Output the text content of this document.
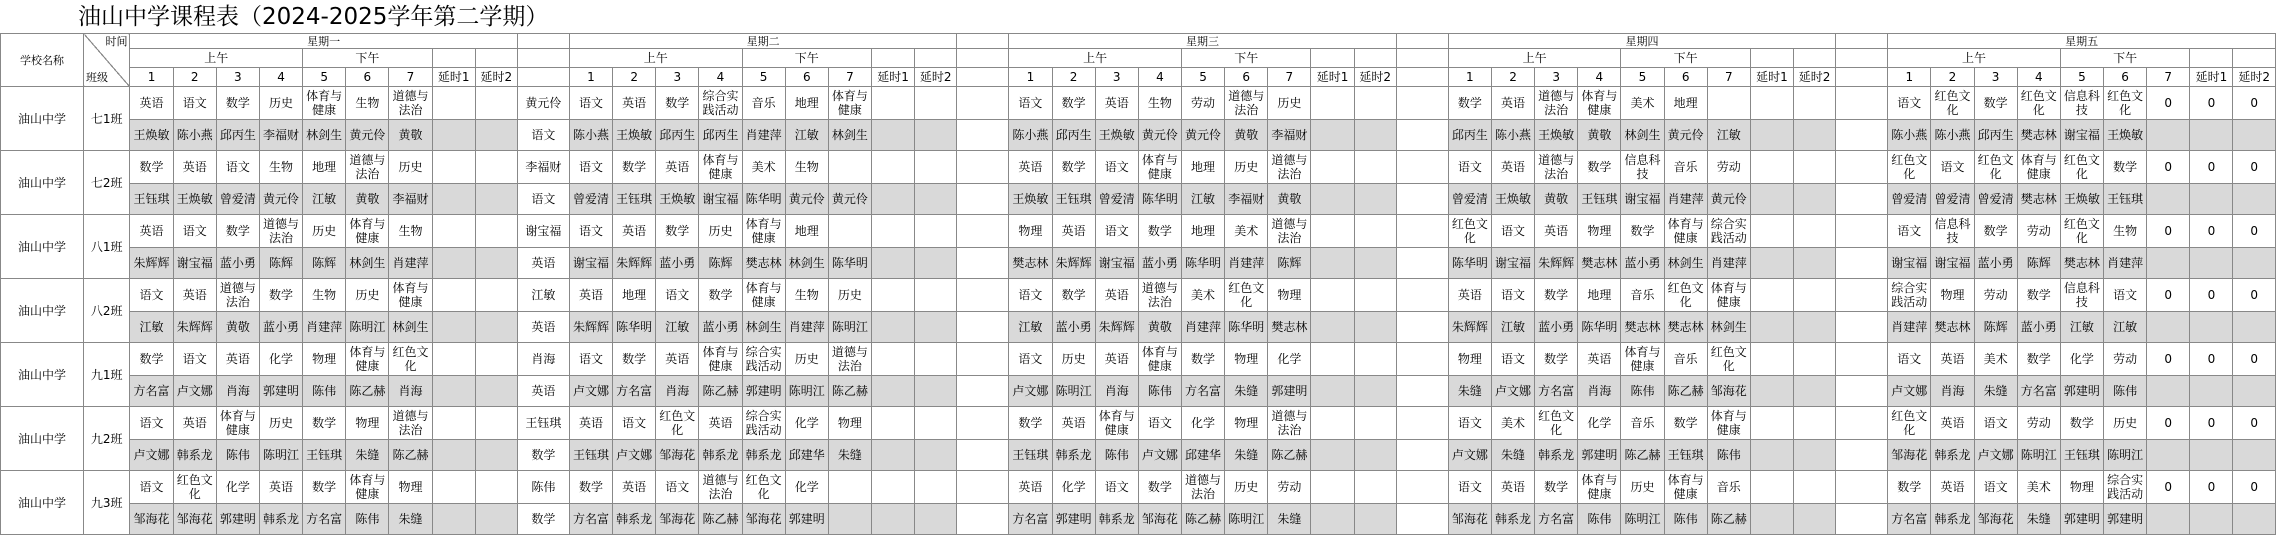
油山中学课程表（2024-2025学年第二学期）
学校名称	时间
班级	星期一										星期二										星期三										星期四										星期五								
		上午				下午						上午				下午						上午				下午						上午				下午						上午				下午				
		1	2	3	4	5	6	7	延时1	延时2		1	2	3	4	5	6	7	延时1	延时2		1	2	3	4	5	6	7	延时1	延时2		1	2	3	4	5	6	7	延时1	延时2		1	2	3	4	5	6	7	延时1	延时2
油山中学	七1班	英语	语文	数学	历史	体育与健康	生物	道德与法治			黄元伶	语文	英语	数学	综合实践活动	音乐	地理	体育与健康				语文	数学	英语	生物	劳动	道德与法治	历史				数学	英语	道德与法治	体育与健康	美术	地理					语文	红色文化	数学	红色文化	信息科技	红色文化	0	0	0
		王焕敏	陈小燕	邱丙生	李福财	林剑生	黄元伶	黄敬			语文	陈小燕	王焕敏	邱丙生	邱丙生	肖建萍	江敏	林剑生				陈小燕	邱丙生	王焕敏	黄元伶	黄元伶	黄敬	李福财				邱丙生	陈小燕	王焕敏	黄敬	林剑生	黄元伶	江敏				陈小燕	陈小燕	邱丙生	樊志林	谢宝福	王焕敏			
油山中学	七2班	数学	英语	语文	生物	地理	道德与法治	历史			李福财	语文	数学	英语	体育与健康	美术	生物					英语	数学	语文	体育与健康	地理	历史	道德与法治				语文	英语	道德与法治	数学	信息科技	音乐	劳动				红色文化	语文	红色文化	体育与健康	红色文化	数学	0	0	0
		王钰琪	王焕敏	曾爱清	黄元伶	江敏	黄敬	李福财			语文	曾爱清	王钰琪	王焕敏	谢宝福	陈华明	黄元伶	黄元伶				王焕敏	王钰琪	曾爱清	陈华明	江敏	李福财	黄敬				曾爱清	王焕敏	黄敬	王钰琪	谢宝福	肖建萍	黄元伶				曾爱清	曾爱清	曾爱清	樊志林	王焕敏	王钰琪			
油山中学	八1班	英语	语文	数学	道德与法治	历史	体育与健康	生物			谢宝福	语文	英语	数学	历史	体育与健康	地理					物理	英语	语文	数学	地理	美术	道德与法治				红色文化	语文	英语	物理	数学	体育与健康	综合实践活动				语文	信息科技	数学	劳动	红色文化	生物	0	0	0
		朱辉辉	谢宝福	蓝小勇	陈辉	陈辉	林剑生	肖建萍			英语	谢宝福	朱辉辉	蓝小勇	陈辉	樊志林	林剑生	陈华明				樊志林	朱辉辉	谢宝福	蓝小勇	陈华明	肖建萍	陈辉				陈华明	谢宝福	朱辉辉	樊志林	蓝小勇	林剑生	肖建萍				谢宝福	谢宝福	蓝小勇	陈辉	樊志林	肖建萍			
油山中学	八2班	语文	英语	道德与法治	数学	生物	历史	体育与健康			江敏	英语	地理	语文	数学	体育与健康	生物	历史				语文	数学	英语	道德与法治	美术	红色文化	物理				英语	语文	数学	地理	音乐	红色文化	体育与健康				综合实践活动	物理	劳动	数学	信息科技	语文	0	0	0
		江敏	朱辉辉	黄敬	蓝小勇	肖建萍	陈明江	林剑生			英语	朱辉辉	陈华明	江敏	蓝小勇	林剑生	肖建萍	陈明江				江敏	蓝小勇	朱辉辉	黄敬	肖建萍	陈华明	樊志林				朱辉辉	江敏	蓝小勇	陈华明	樊志林	樊志林	林剑生				肖建萍	樊志林	陈辉	蓝小勇	江敏	江敏			
油山中学	九1班	数学	语文	英语	化学	物理	体育与健康	红色文化			肖海	语文	数学	英语	体育与健康	综合实践活动	历史	道德与法治				语文	历史	英语	体育与健康	数学	物理	化学				物理	语文	数学	英语	体育与健康	音乐	红色文化				语文	英语	美术	数学	化学	劳动	0	0	0
		方名富	卢文娜	肖海	郭建明	陈伟	陈乙赫	肖海			英语	卢文娜	方名富	肖海	陈乙赫	郭建明	陈明江	陈乙赫				卢文娜	陈明江	肖海	陈伟	方名富	朱缝	郭建明				朱缝	卢文娜	方名富	肖海	陈伟	陈乙赫	邹海花				卢文娜	肖海	朱缝	方名富	郭建明	陈伟			
油山中学	九2班	语文	英语	体育与健康	历史	数学	物理	道德与法治			王钰琪	英语	语文	红色文化	英语	综合实践活动	化学	物理				数学	英语	体育与健康	语文	化学	物理	道德与法治				语文	美术	红色文化	化学	音乐	数学	体育与健康				红色文化	英语	语文	劳动	数学	历史	0	0	0
		卢文娜	韩系龙	陈伟	陈明江	王钰琪	朱缝	陈乙赫			数学	王钰琪	卢文娜	邹海花	韩系龙	韩系龙	邱建华	朱缝				王钰琪	韩系龙	陈伟	卢文娜	邱建华	朱缝	陈乙赫				卢文娜	朱缝	韩系龙	郭建明	陈乙赫	王钰琪	陈伟				邹海花	韩系龙	卢文娜	陈明江	王钰琪	陈明江			
油山中学	九3班	语文	红色文化	化学	英语	数学	体育与健康	物理			陈伟	数学	英语	语文	道德与法治	红色文化	化学					英语	化学	语文	数学	道德与法治	历史	劳动				语文	英语	数学	体育与健康	历史	体育与健康	音乐				数学	英语	语文	美术	物理	综合实践活动	0	0	0
		邹海花	邹海花	郭建明	韩系龙	方名富	陈伟	朱缝			数学	方名富	韩系龙	邹海花	陈乙赫	邹海花	郭建明					方名富	郭建明	韩系龙	邹海花	陈乙赫	陈明江	朱缝				邹海花	韩系龙	方名富	陈伟	陈明江	陈伟	陈乙赫				方名富	韩系龙	邹海花	朱缝	郭建明	郭建明			
